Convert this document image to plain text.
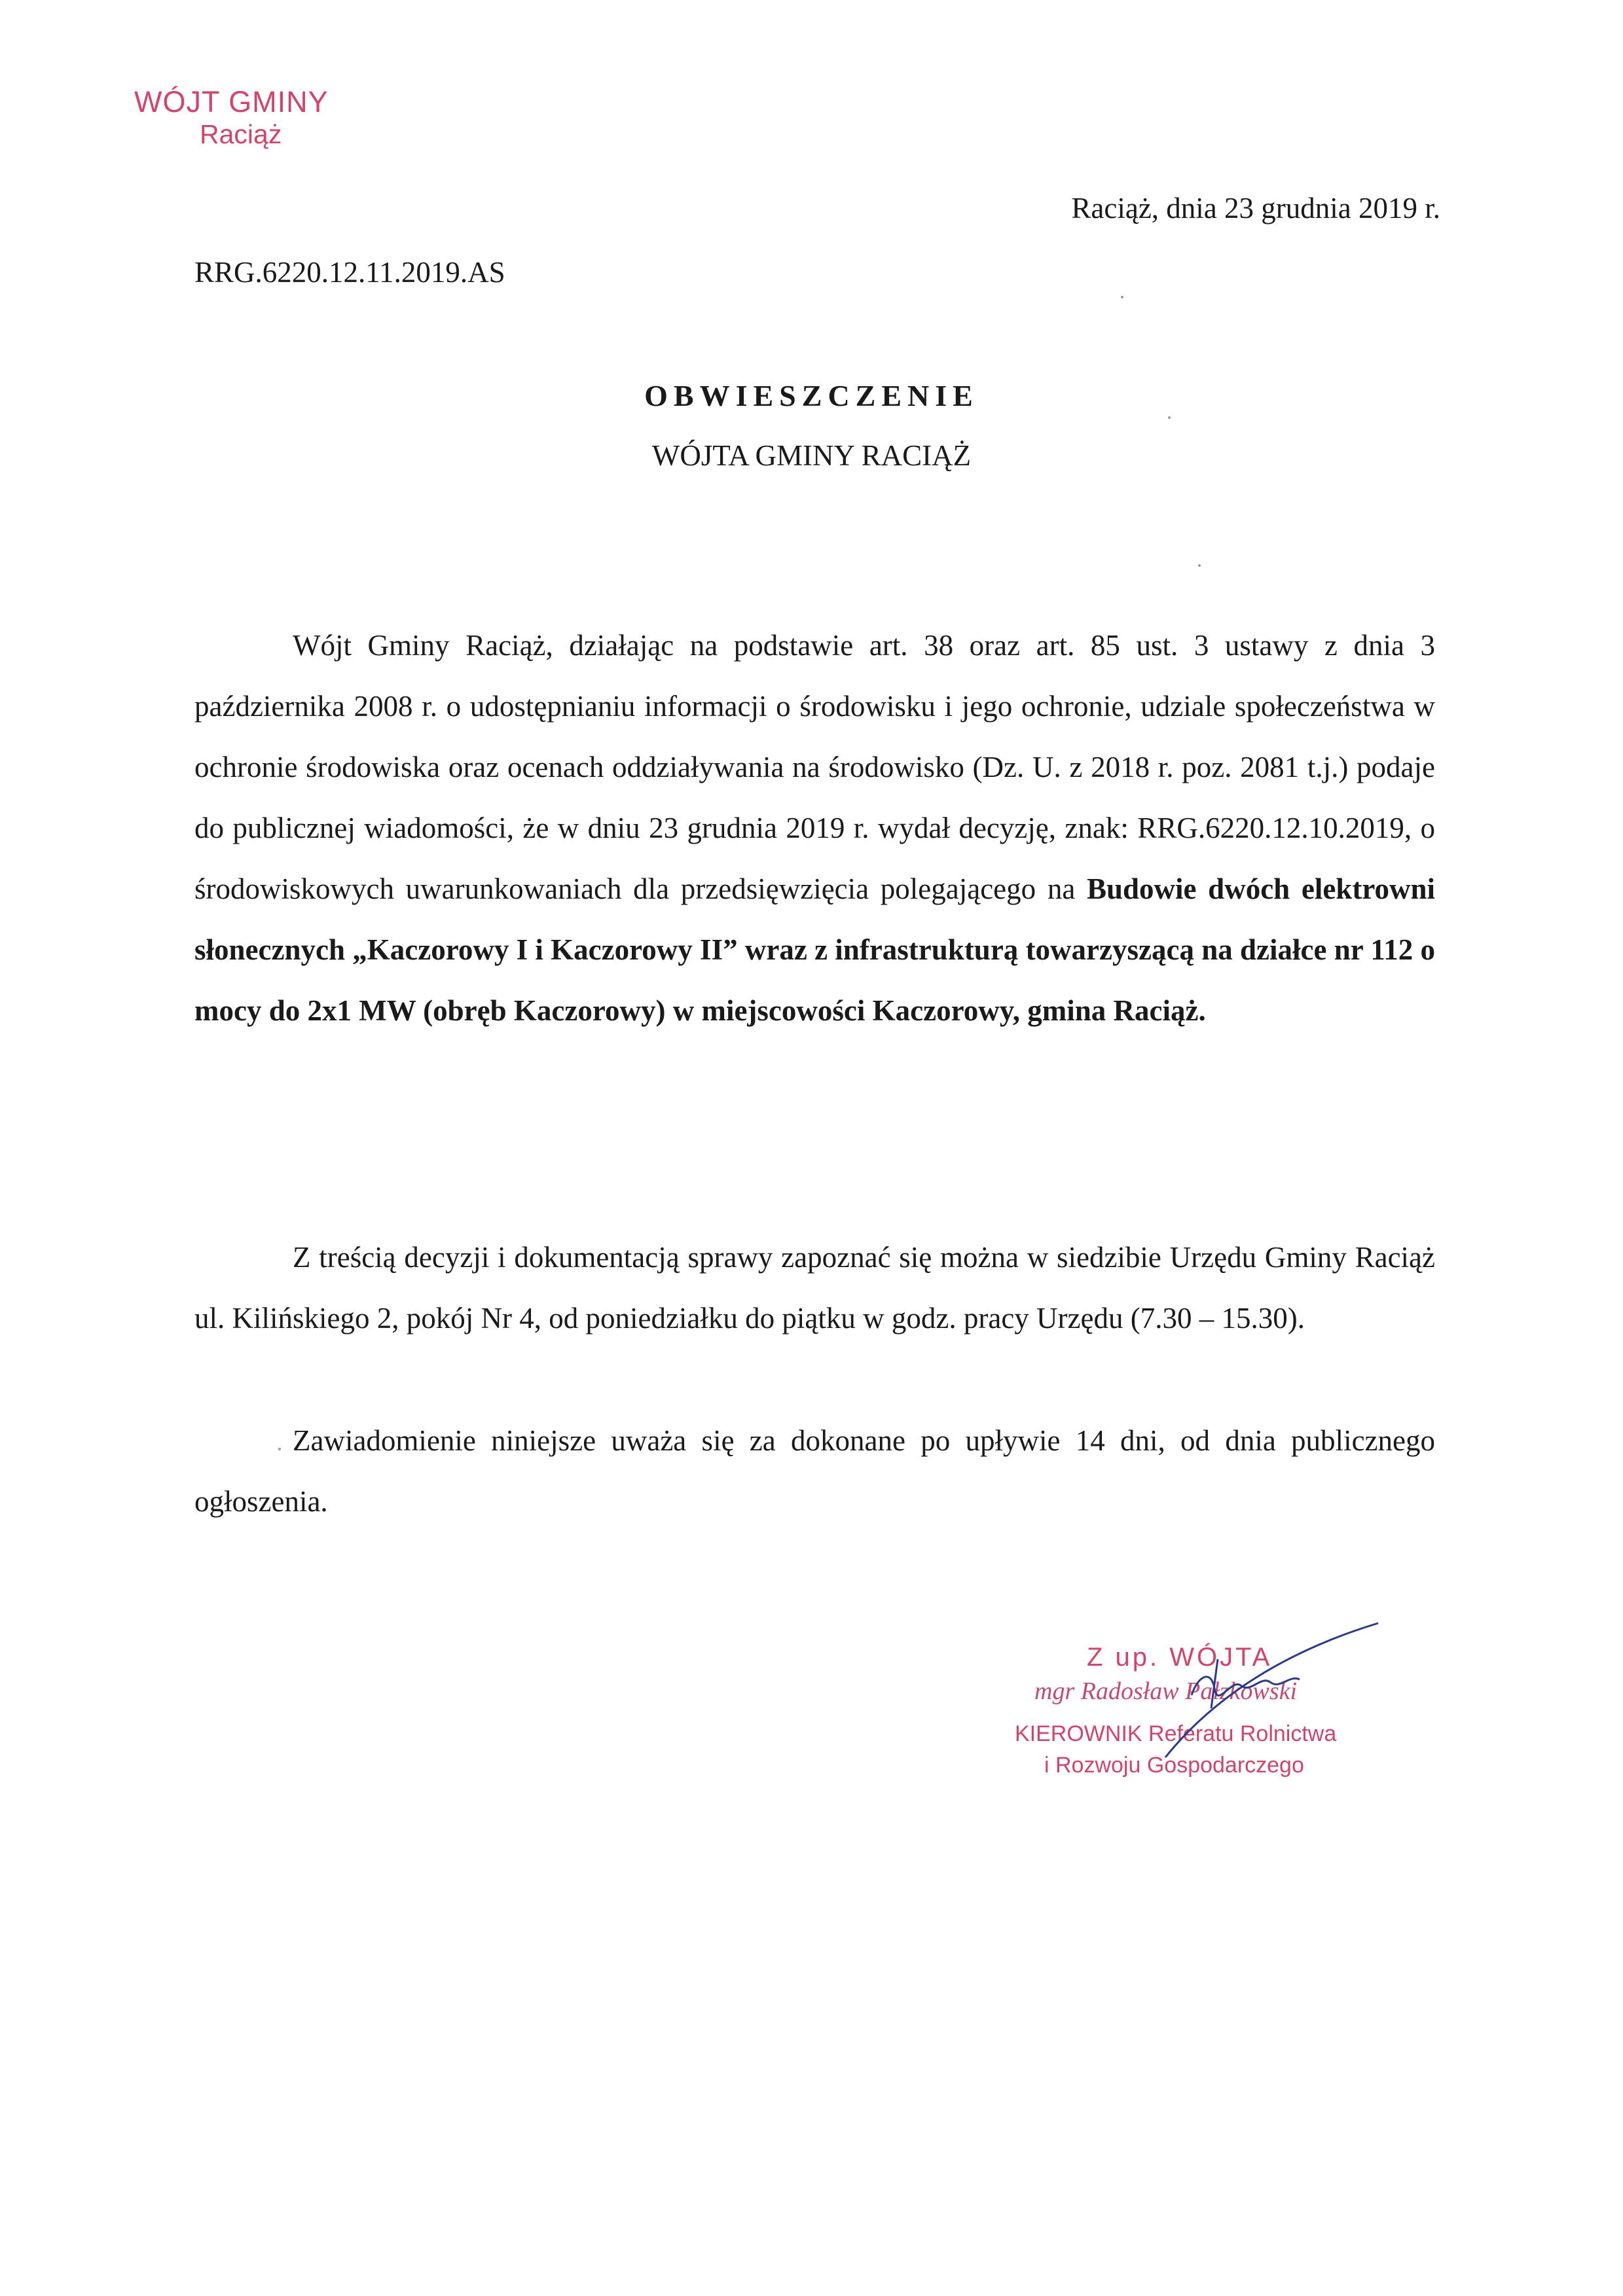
WÓJT GMINY
Raciąż
Raciąż, dnia 23 grudnia 2019 r.
RRG.6220.12.11.2019.AS
OBWIESZCZENIE
WÓJTA GMINY RACIĄŻ

Wójt Gminy Raciąż, działając na podstawie art. 38 oraz art. 85 ust. 3 ustawy z dnia 3 października 2008 r. o udostępnianiu informacji o środowisku i jego ochronie, udziale społeczeństwa w ochronie środowiska oraz ocenach oddziaływania na środowisko (Dz. U. z 2018 r. poz. 2081 t.j.) podaje do publicznej wiadomości, że w dniu 23 grudnia 2019 r. wydał decyzję, znak: RRG.6220.12.10.2019, o środowiskowych uwarunkowaniach dla przedsięwzięcia polegającego na Budowie dwóch elektrowni słonecznych „Kaczorowy I i Kaczorowy II” wraz z infrastrukturą towarzyszącą na działce nr 112 o mocy do 2x1 MW (obręb Kaczorowy) w miejscowości Kaczorowy, gmina Raciąż.

Z treścią decyzji i dokumentacją sprawy zapoznać się można w siedzibie Urzędu Gminy Raciąż ul. Kilińskiego 2, pokój Nr 4, od poniedziałku do piątku w godz. pracy Urzędu (7.30 – 15.30).

Zawiadomienie niniejsze uważa się za dokonane po upływie 14 dni, od dnia publicznego ogłoszenia.

Z up. WÓJTA
mgr Radosław Pałzkowski
KIEROWNIK Referatu Rolnictwa
i Rozwoju Gospodarczego
